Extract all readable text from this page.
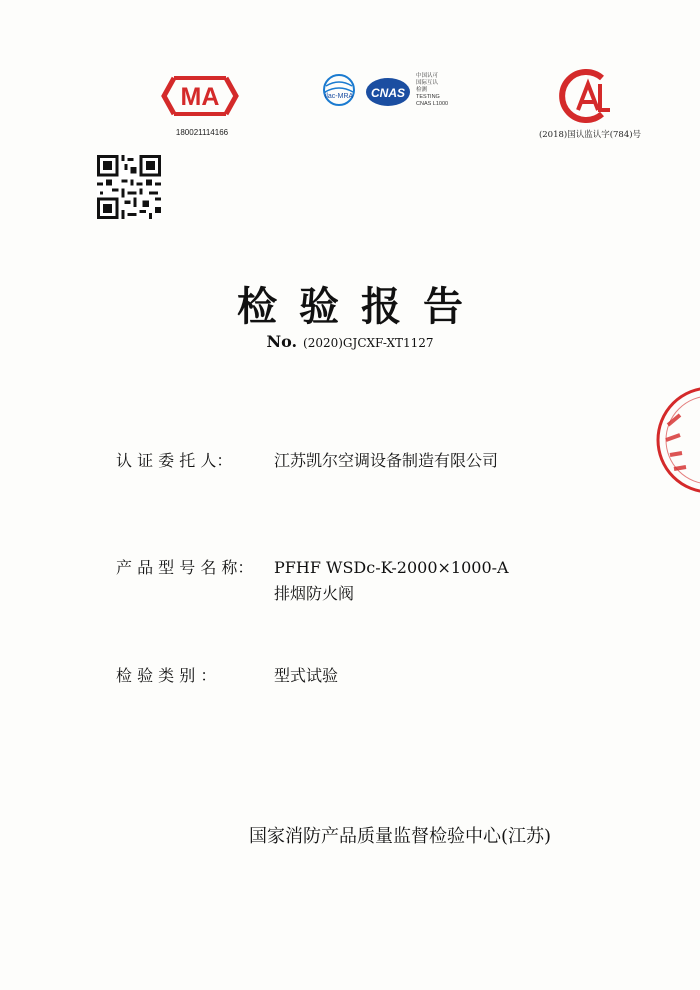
MA
180021114166
ilac-MRA CNAS
中国认可
国际互认
检测
TESTING
CNAS L1000
CAL
(2018)国认监认字(784)号
检验报告
No. (2020)GJCXF-XT1127
认 证 委 托 人：	江苏凯尔空调设备制造有限公司
产 品 型 号 名 称： PFHF WSDc-K-2000×1000-A
排烟防火阀
检 验 类 别 ：	型式试验
国家消防产品质量监督检验中心(江苏)
